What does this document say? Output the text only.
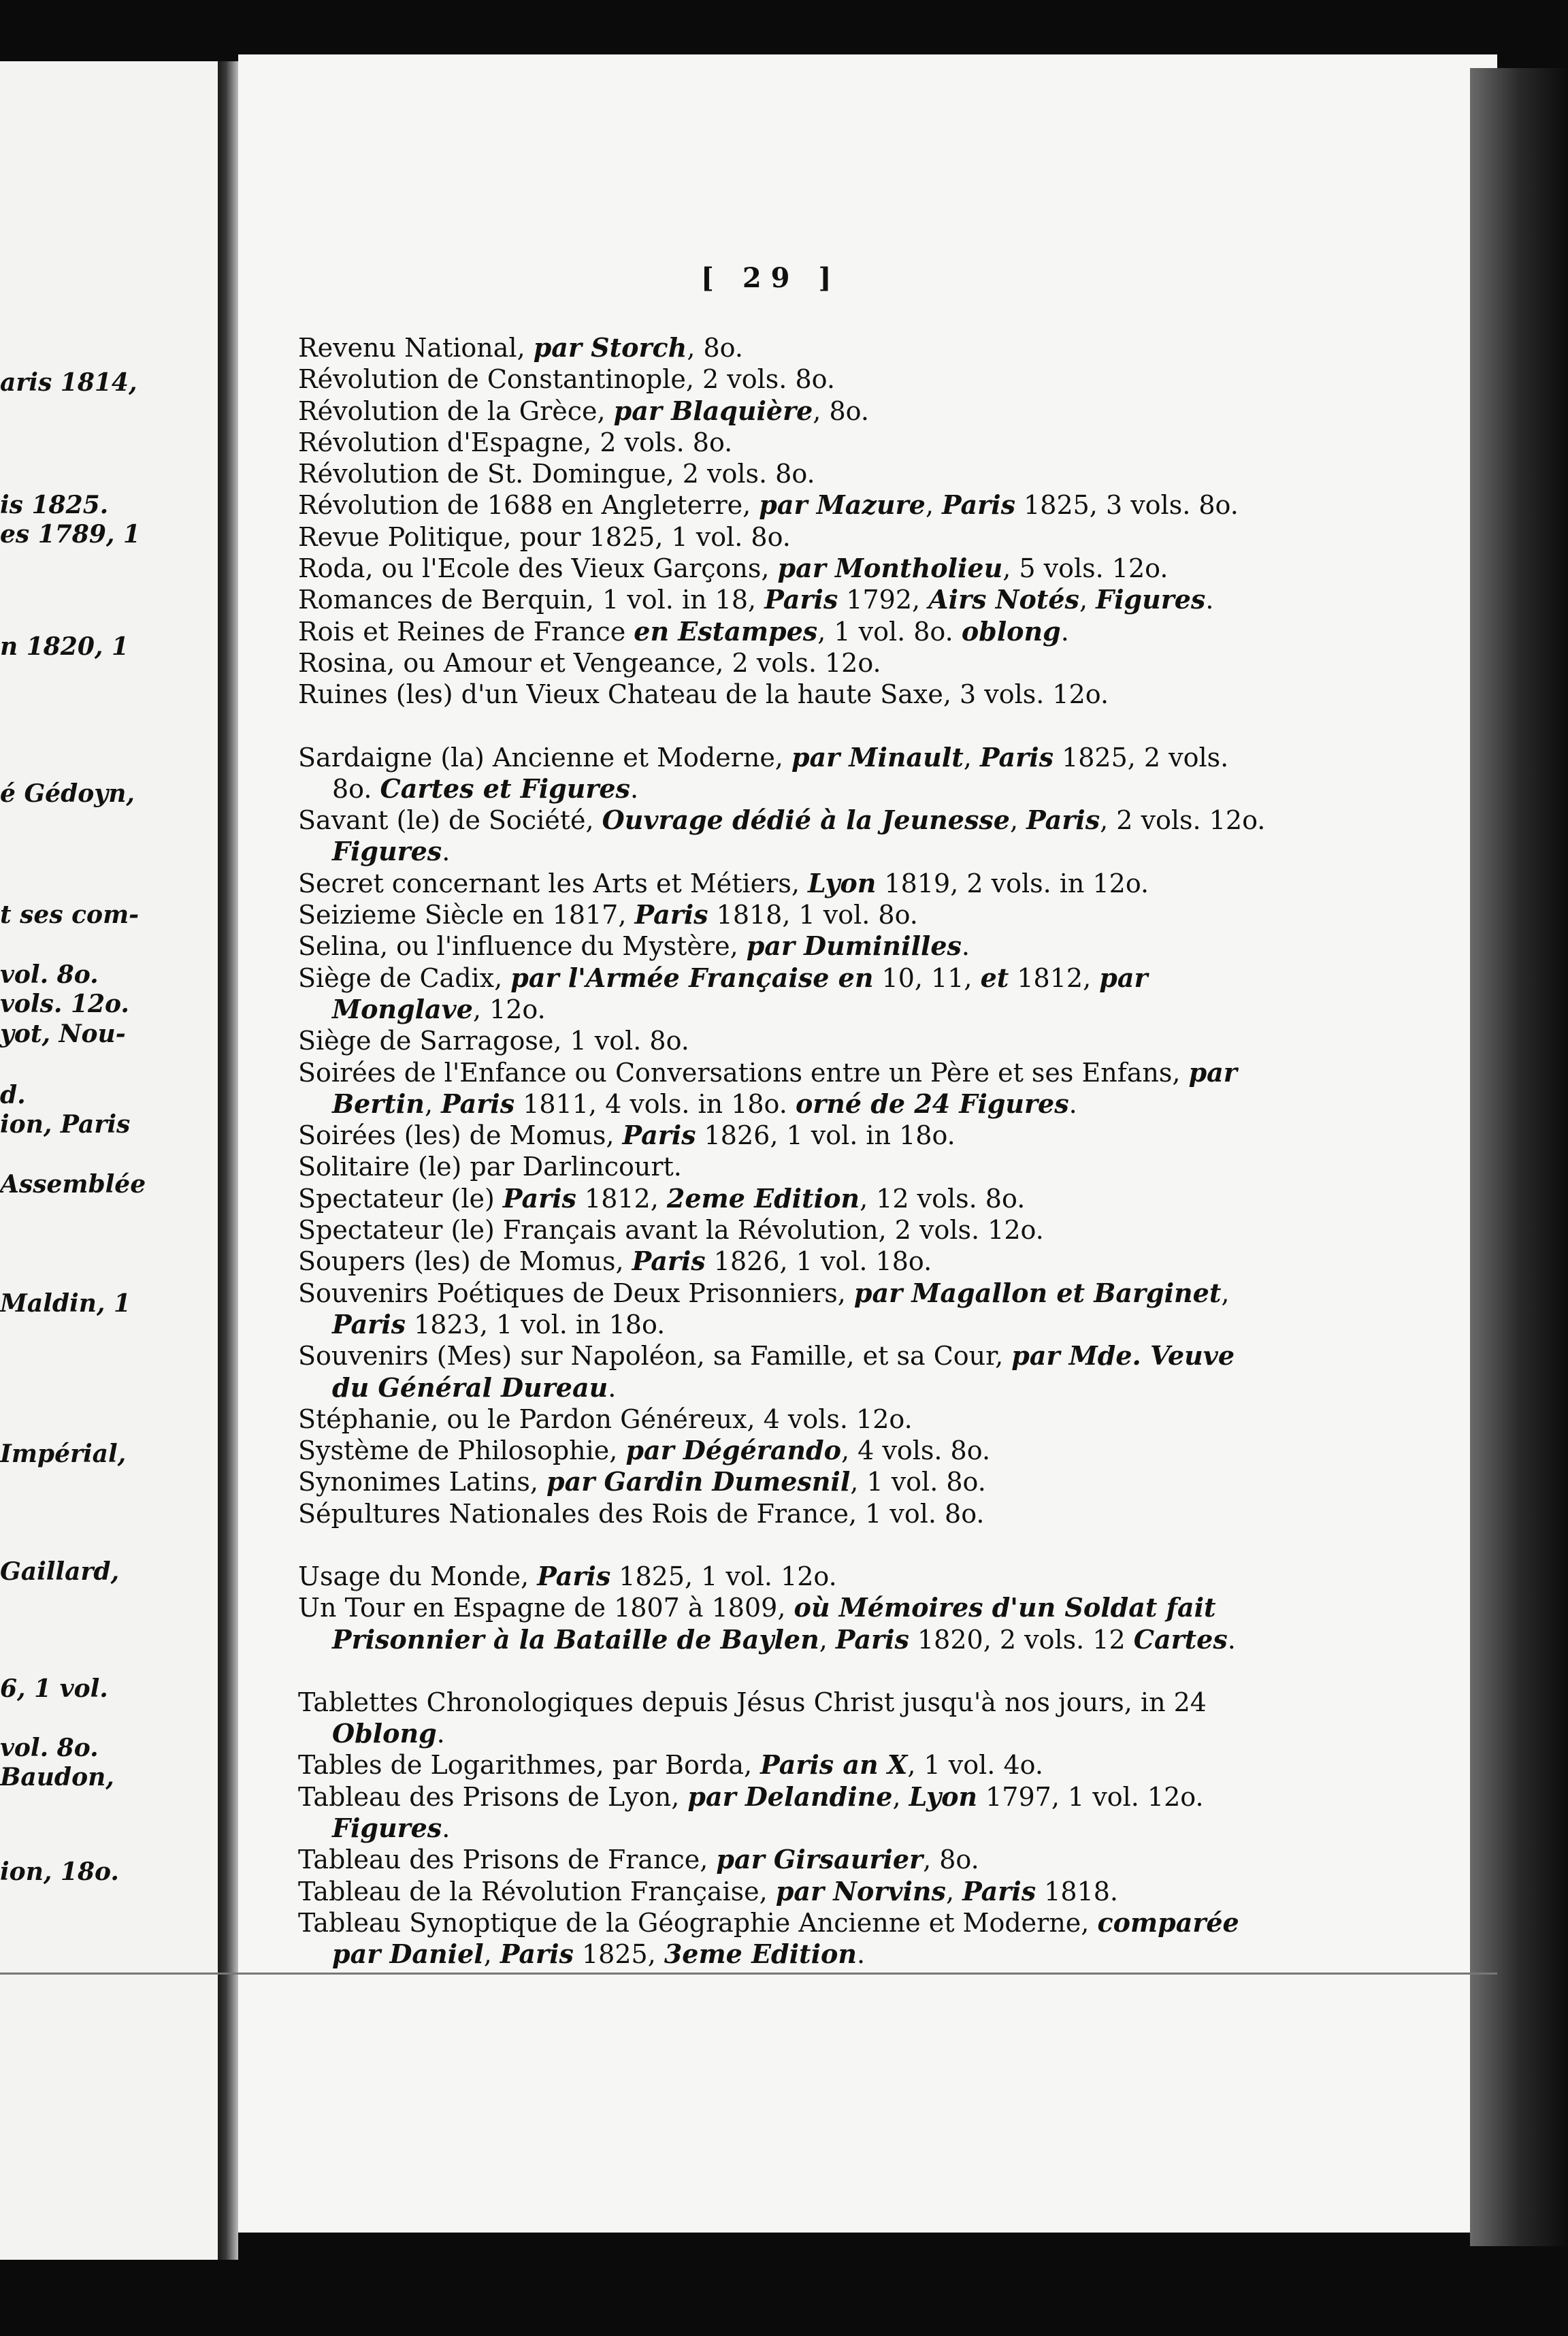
aris 1814,
is 1825.
es 1789, 1
n 1820, 1
é Gédoyn,
t ses com-
vol. 8o.
vols. 12o.
yot, Nou-
d.
ion, Paris
Assemblée
Maldin, 1
Impérial,
Gaillard,
6, 1 vol.
vol. 8o.
Baudon,
ion, 18o.
[ 29 ]
Revenu National, par Storch, 8o.
Révolution de Constantinople, 2 vols. 8o.
Révolution de la Grèce, par Blaquière, 8o.
Révolution d'Espagne, 2 vols. 8o.
Révolution de St. Domingue, 2 vols. 8o.
Révolution de 1688 en Angleterre, par Mazure, Paris 1825, 3 vols. 8o.
Revue Politique, pour 1825, 1 vol. 8o.
Roda, ou l'Ecole des Vieux Garçons, par Montholieu, 5 vols. 12o.
Romances de Berquin, 1 vol. in 18, Paris 1792, Airs Notés, Figures.
Rois et Reines de France en Estampes, 1 vol. 8o. oblong.
Rosina, ou Amour et Vengeance, 2 vols. 12o.
Ruines (les) d'un Vieux Chateau de la haute Saxe, 3 vols. 12o.
Sardaigne (la) Ancienne et Moderne, par Minault, Paris 1825, 2 vols.
8o. Cartes et Figures.
Savant (le) de Société, Ouvrage dédié à la Jeunesse, Paris, 2 vols. 12o.
Figures.
Secret concernant les Arts et Métiers, Lyon 1819, 2 vols. in 12o.
Seizieme Siècle en 1817, Paris 1818, 1 vol. 8o.
Selina, ou l'influence du Mystère, par Duminilles.
Siège de Cadix, par l'Armée Française en 10, 11, et 1812, par
Monglave, 12o.
Siège de Sarragose, 1 vol. 8o.
Soirées de l'Enfance ou Conversations entre un Père et ses Enfans, par
Bertin, Paris 1811, 4 vols. in 18o. orné de 24 Figures.
Soirées (les) de Momus, Paris 1826, 1 vol. in 18o.
Solitaire (le) par Darlincourt.
Spectateur (le) Paris 1812, 2eme Edition, 12 vols. 8o.
Spectateur (le) Français avant la Révolution, 2 vols. 12o.
Soupers (les) de Momus, Paris 1826, 1 vol. 18o.
Souvenirs Poétiques de Deux Prisonniers, par Magallon et Barginet,
Paris 1823, 1 vol. in 18o.
Souvenirs (Mes) sur Napoléon, sa Famille, et sa Cour, par Mde. Veuve
du Général Dureau.
Stéphanie, ou le Pardon Généreux, 4 vols. 12o.
Système de Philosophie, par Dégérando, 4 vols. 8o.
Synonimes Latins, par Gardin Dumesnil, 1 vol. 8o.
Sépultures Nationales des Rois de France, 1 vol. 8o.
Usage du Monde, Paris 1825, 1 vol. 12o.
Un Tour en Espagne de 1807 à 1809, où Mémoires d'un Soldat fait
Prisonnier à la Bataille de Baylen, Paris 1820, 2 vols. 12 Cartes.
Tablettes Chronologiques depuis Jésus Christ jusqu'à nos jours, in 24
Oblong.
Tables de Logarithmes, par Borda, Paris an X, 1 vol. 4o.
Tableau des Prisons de Lyon, par Delandine, Lyon 1797, 1 vol. 12o.
Figures.
Tableau des Prisons de France, par Girsaurier, 8o.
Tableau de la Révolution Française, par Norvins, Paris 1818.
Tableau Synoptique de la Géographie Ancienne et Moderne, comparée
par Daniel, Paris 1825, 3eme Edition.
